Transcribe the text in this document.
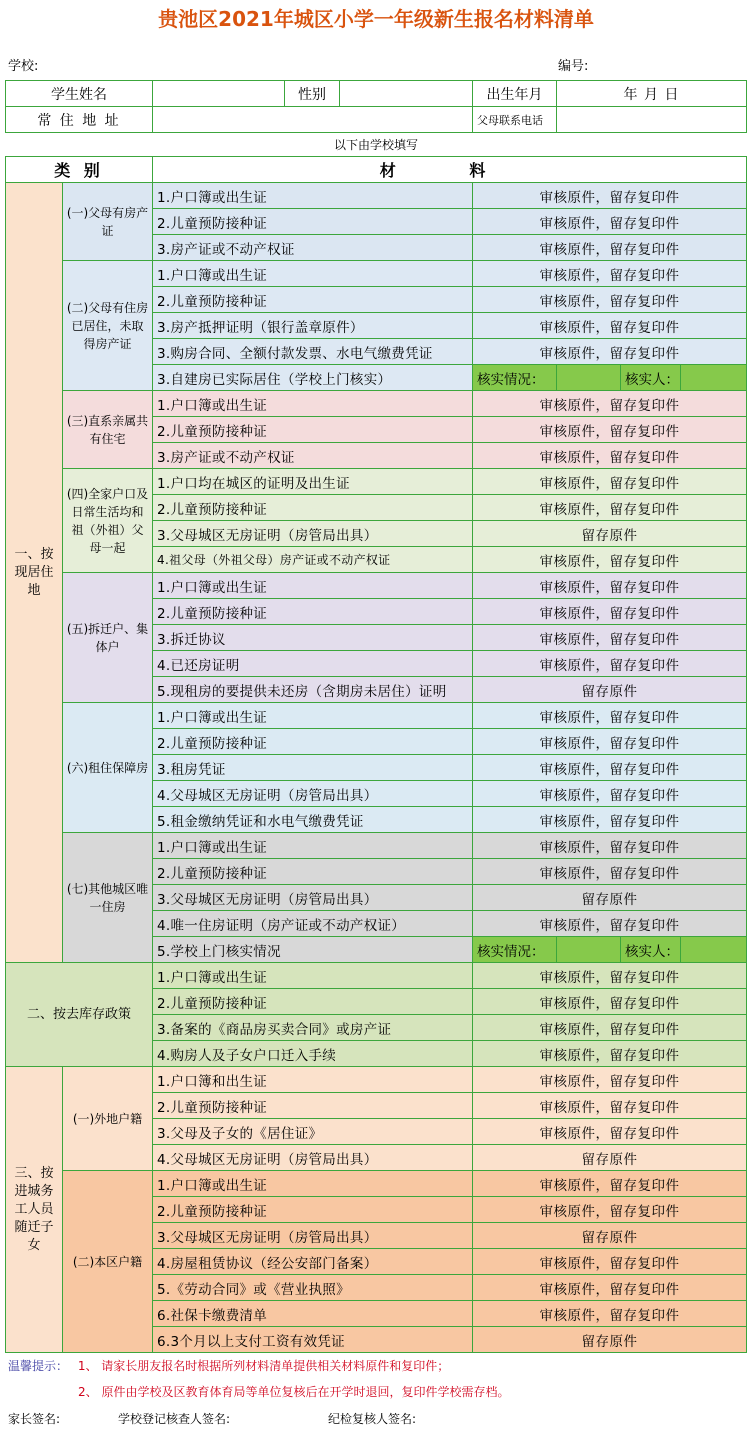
贵池区2021年城区小学一年级新生报名材料清单
学校:	编号:
学生姓名		性别		出生年月	年 月 日
常 住 地 址				父母联系电话	
以下由学校填写
类 别		材 料				
一、按现居住地	(一)父母有房产证	1.户口簿或出生证	审核原件，留存复印件			
		2.儿童预防接种证	审核原件，留存复印件			
		3.房产证或不动产权证	审核原件，留存复印件			
	(二)父母有住房已居住，未取得房产证	1.户口簿或出生证	审核原件，留存复印件			
		2.儿童预防接种证	审核原件，留存复印件			
		3.房产抵押证明（银行盖章原件）	审核原件，留存复印件			
		3.购房合同、全额付款发票、水电气缴费凭证	审核原件，留存复印件			
		3.自建房已实际居住（学校上门核实）	核实情况：		核实人：	
	(三)直系亲属共有住宅	1.户口簿或出生证	审核原件，留存复印件			
		2.儿童预防接种证	审核原件，留存复印件			
		3.房产证或不动产权证	审核原件，留存复印件			
	(四)全家户口及日常生活均和祖（外祖）父母一起	1.户口均在城区的证明及出生证	审核原件，留存复印件			
		2.儿童预防接种证	审核原件，留存复印件			
		3.父母城区无房证明（房管局出具）	留存原件			
		4.祖父母（外祖父母）房产证或不动产权证	审核原件，留存复印件			
	(五)拆迁户、集体户	1.户口簿或出生证	审核原件，留存复印件			
		2.儿童预防接种证	审核原件，留存复印件			
		3.拆迁协议	审核原件，留存复印件			
		4.已还房证明	审核原件，留存复印件			
		5.现租房的要提供未还房（含期房未居住）证明	留存原件			
	(六)租住保障房	1.户口簿或出生证	审核原件，留存复印件			
		2.儿童预防接种证	审核原件，留存复印件			
		3.租房凭证	审核原件，留存复印件			
		4.父母城区无房证明（房管局出具）	审核原件，留存复印件			
		5.租金缴纳凭证和水电气缴费凭证	审核原件，留存复印件			
	(七)其他城区唯一住房	1.户口簿或出生证	审核原件，留存复印件			
		2.儿童预防接种证	审核原件，留存复印件			
		3.父母城区无房证明（房管局出具）	留存原件			
		4.唯一住房证明（房产证或不动产权证）	审核原件，留存复印件			
		5.学校上门核实情况	核实情况：		核实人：	
二、按去库存政策		1.户口簿或出生证	审核原件，留存复印件			
		2.儿童预防接种证	审核原件，留存复印件			
		3.备案的《商品房买卖合同》或房产证	审核原件，留存复印件			
		4.购房人及子女户口迁入手续	审核原件，留存复印件			
三、按进城务工人员随迁子女	(一)外地户籍	1.户口簿和出生证	审核原件，留存复印件			
		2.儿童预防接种证	审核原件，留存复印件			
		3.父母及子女的《居住证》	审核原件，留存复印件			
		4.父母城区无房证明（房管局出具）	留存原件			
	(二)本区户籍	1.户口簿或出生证	审核原件，留存复印件			
		2.儿童预防接种证	审核原件，留存复印件			
		3.父母城区无房证明（房管局出具）	留存原件			
		4.房屋租赁协议（经公安部门备案）	审核原件，留存复印件			
		5.《劳动合同》或《营业执照》	审核原件，留存复印件			
		6.社保卡缴费清单	审核原件，留存复印件			
		6.3个月以上支付工资有效凭证	留存原件			
温馨提示： 1、 请家长朋友报名时根据所列材料清单提供相关材料原件和复印件；
2、 原件由学校及区教育体育局等单位复核后在开学时退回，复印件学校需存档。
家长签名:	学校登记核查人签名:	纪检复核人签名:
